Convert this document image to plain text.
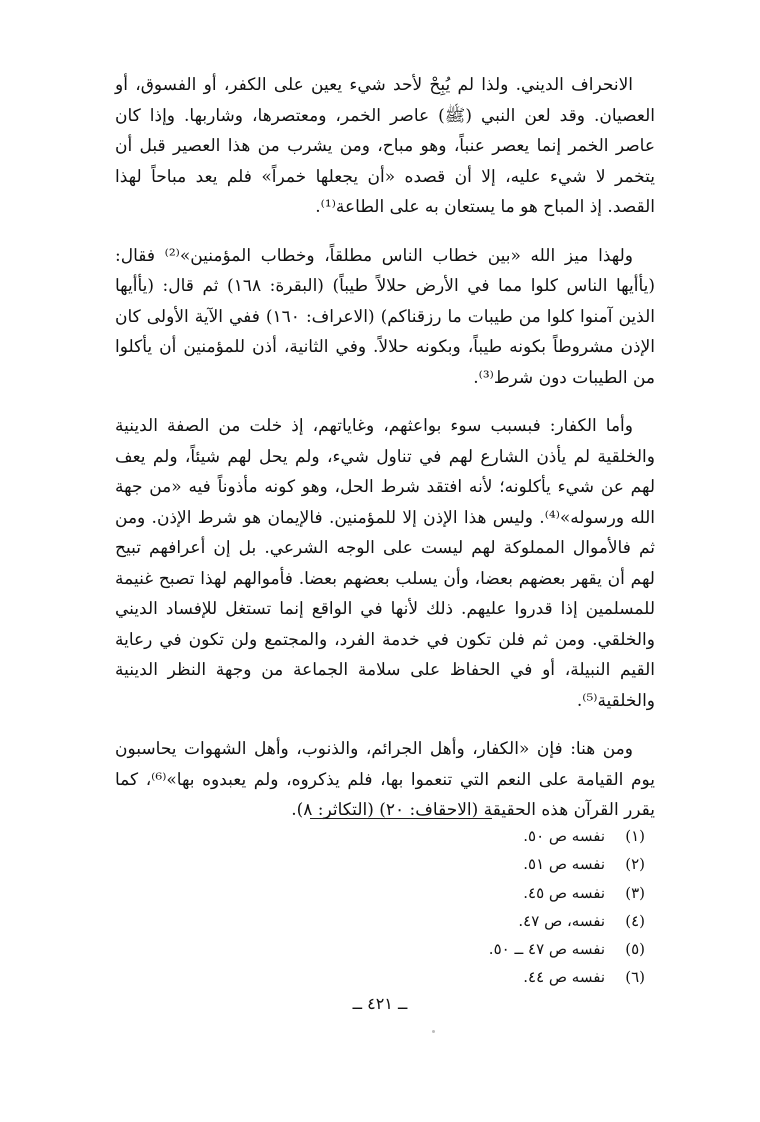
الانحراف الديني. ولذا لم يُبِحْ لأحد شيء يعين على الكفر، أو الفسوق، أو العصيان. وقد لعن النبي (ﷺ) عاصر الخمر، ومعتصرها، وشاربها. وإذا كان عاصر الخمر إنما يعصر عنباً، وهو مباح، ومن يشرب من هذا العصير قبل أن يتخمر لا شيء عليه، إلا أن قصده «أن يجعلها خمراً» فلم يعد مباحاً لهذا القصد. إذ المباح هو ما يستعان به على الطاعة⁽¹⁾.

ولهذا ميز الله «بين خطاب الناس مطلقاً، وخطاب المؤمنين»⁽²⁾ فقال: (يأأيها الناس كلوا مما في الأرض حلالاً طيباً) (البقرة: ١٦٨) ثم قال: (يأأيها الذين آمنوا كلوا من طيبات ما رزقناكم) (الاعراف: ١٦٠) ففي الآية الأولى كان الإذن مشروطاً بكونه طيباً، وبكونه حلالاً. وفي الثانية، أذن للمؤمنين أن يأكلوا من الطيبات دون شرط⁽³⁾.

وأما الكفار: فبسبب سوء بواعثهم، وغاياتهم، إذ خلت من الصفة الدينية والخلقية لم يأذن الشارع لهم في تناول شيء، ولم يحل لهم شيئاً، ولم يعف لهم عن شيء يأكلونه؛ لأنه افتقد شرط الحل، وهو كونه مأذوناً فيه «من جهة الله ورسوله»⁽⁴⁾. وليس هذا الإذن إلا للمؤمنين. فالإيمان هو شرط الإذن. ومن ثم فالأموال المملوكة لهم ليست على الوجه الشرعي. بل إن أعرافهم تبيح لهم أن يقهر بعضهم بعضا، وأن يسلب بعضهم بعضا. فأموالهم لهذا تصبح غنيمة للمسلمين إذا قدروا عليهم. ذلك لأنها في الواقع إنما تستغل للإفساد الديني والخلقي. ومن ثم فلن تكون في خدمة الفرد، والمجتمع ولن تكون في رعاية القيم النبيلة، أو في الحفاظ على سلامة الجماعة من وجهة النظر الدينية والخلقية⁽⁵⁾.

ومن هنا: فإن «الكفار، وأهل الجرائم، والذنوب، وأهل الشهوات يحاسبون يوم القيامة على النعم التي تنعموا بها، فلم يذكروه، ولم يعبدوه بها»⁽⁶⁾، كما يقرر القرآن هذه الحقيقة (الاحقاف: ٢٠) (التكاثر: ٨).

(١)
نفسه ص ٥٠.
(٢)
نفسه ص ٥١.
(٣)
نفسه ص ٤٥.
(٤)
نفسه، ص ٤٧.
(٥)
نفسه ص ٤٧ ــ ٥٠.
(٦)
نفسه ص ٤٤.
ــ ٤٢١ ــ
